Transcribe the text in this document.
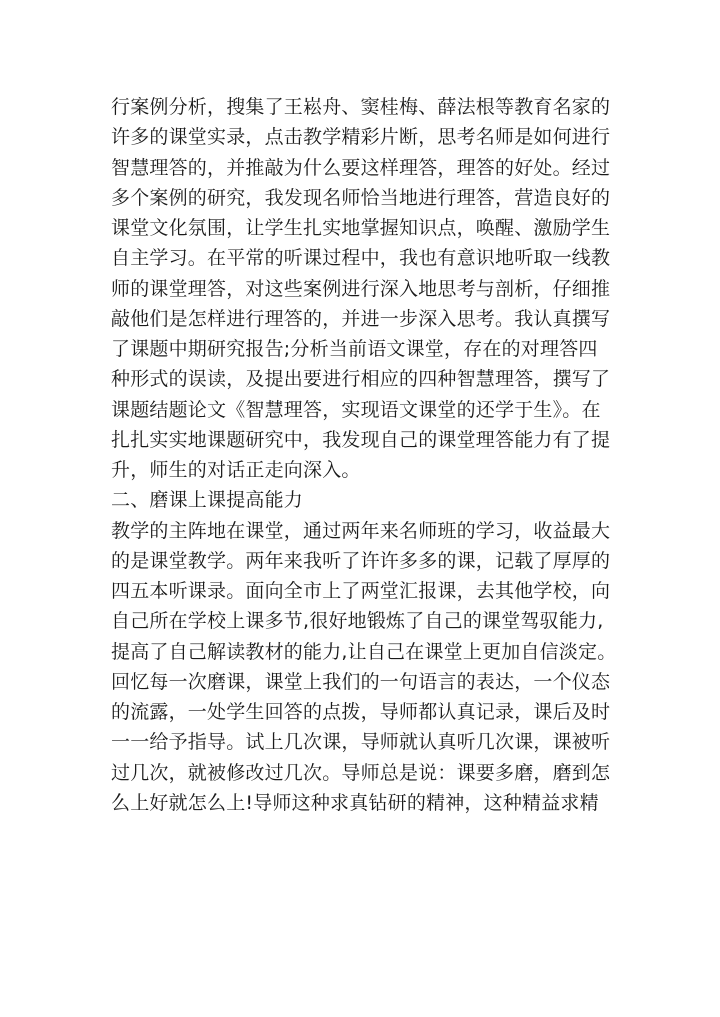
行案例分析，搜集了王崧舟、窦桂梅、薛法根等教育名家的
许多的课堂实录，点击教学精彩片断，思考名师是如何进行
智慧理答的，并推敲为什么要这样理答，理答的好处。经过
多个案例的研究，我发现名师恰当地进行理答，营造良好的
课堂文化氛围，让学生扎实地掌握知识点，唤醒、激励学生
自主学习。在平常的听课过程中，我也有意识地听取一线教
师的课堂理答，对这些案例进行深入地思考与剖析，仔细推
敲他们是怎样进行理答的，并进一步深入思考。我认真撰写
了课题中期研究报告;分析当前语文课堂，存在的对理答四
种形式的误读，及提出要进行相应的四种智慧理答，撰写了
课题结题论文《智慧理答，实现语文课堂的还学于生》。在
扎扎实实地课题研究中，我发现自己的课堂理答能力有了提
升，师生的对话正走向深入。
二、磨课上课提高能力
教学的主阵地在课堂，通过两年来名师班的学习，收益最大
的是课堂教学。两年来我听了许许多多的课，记载了厚厚的
四五本听课录。面向全市上了两堂汇报课，去其他学校，向
自己所在学校上课多节,很好地锻炼了自己的课堂驾驭能力,
提高了自己解读教材的能力,让自己在课堂上更加自信淡定。
回忆每一次磨课，课堂上我们的一句语言的表达，一个仪态
的流露，一处学生回答的点拨，导师都认真记录，课后及时
一一给予指导。试上几次课，导师就认真听几次课，课被听
过几次，就被修改过几次。导师总是说：课要多磨，磨到怎
么上好就怎么上!导师这种求真钻研的精神，这种精益求精
